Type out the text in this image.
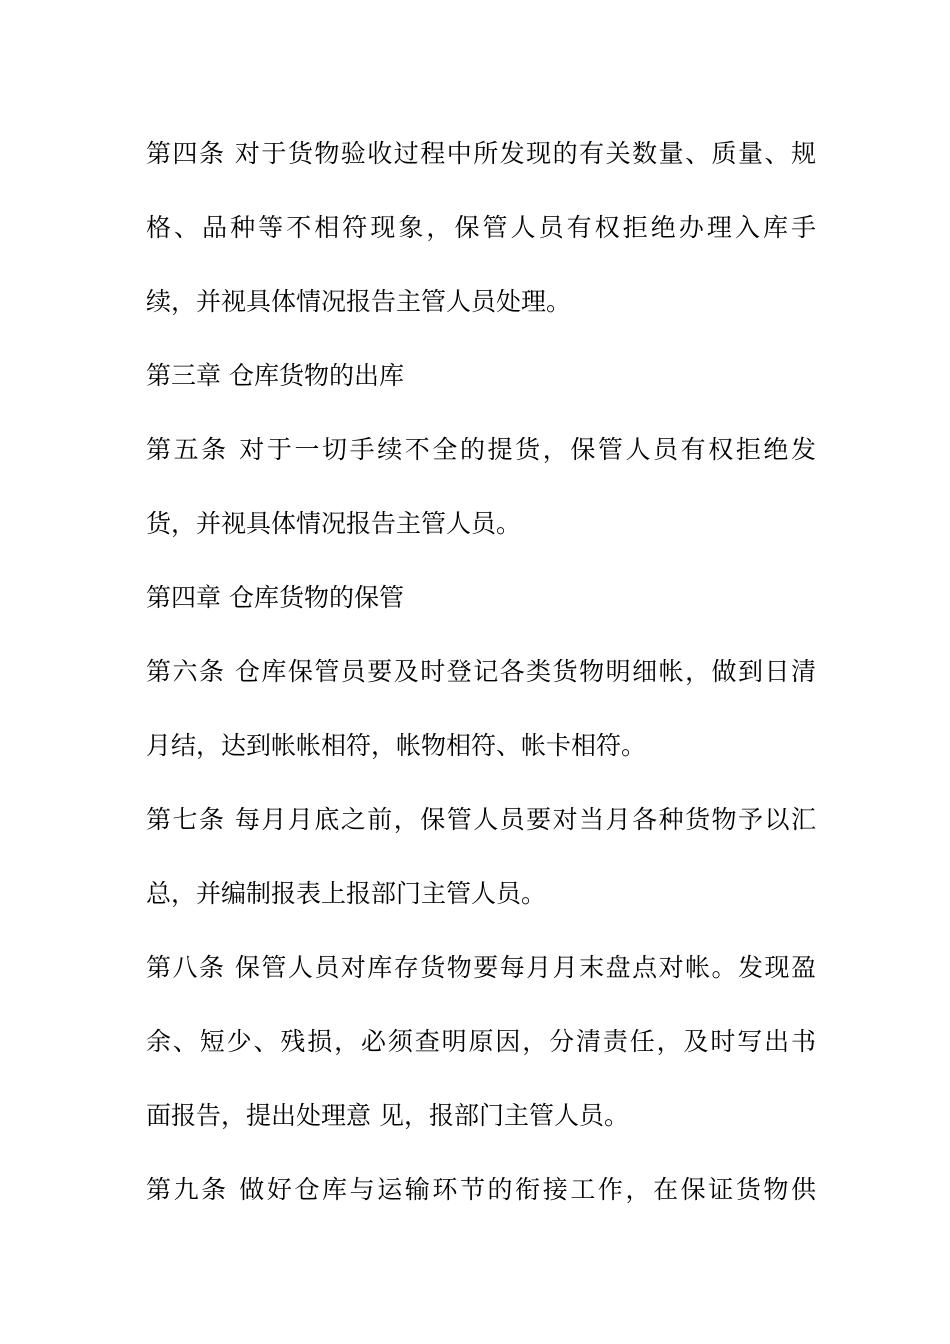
第四条 对于货物验收过程中所发现的有关数量、质量、规
格、品种等不相符现象，保管人员有权拒绝办理入库手
续，并视具体情况报告主管人员处理。
第三章 仓库货物的出库
第五条 对于一切手续不全的提货，保管人员有权拒绝发
货，并视具体情况报告主管人员。
第四章 仓库货物的保管
第六条 仓库保管员要及时登记各类货物明细帐，做到日清
月结，达到帐帐相符，帐物相符、帐卡相符。
第七条 每月月底之前，保管人员要对当月各种货物予以汇
总，并编制报表上报部门主管人员。
第八条 保管人员对库存货物要每月月末盘点对帐。发现盈
余、短少、残损，必须查明原因，分清责任，及时写出书
面报告，提出处理意 见，报部门主管人员。
第九条 做好仓库与运输环节的衔接工作，在保证货物供
